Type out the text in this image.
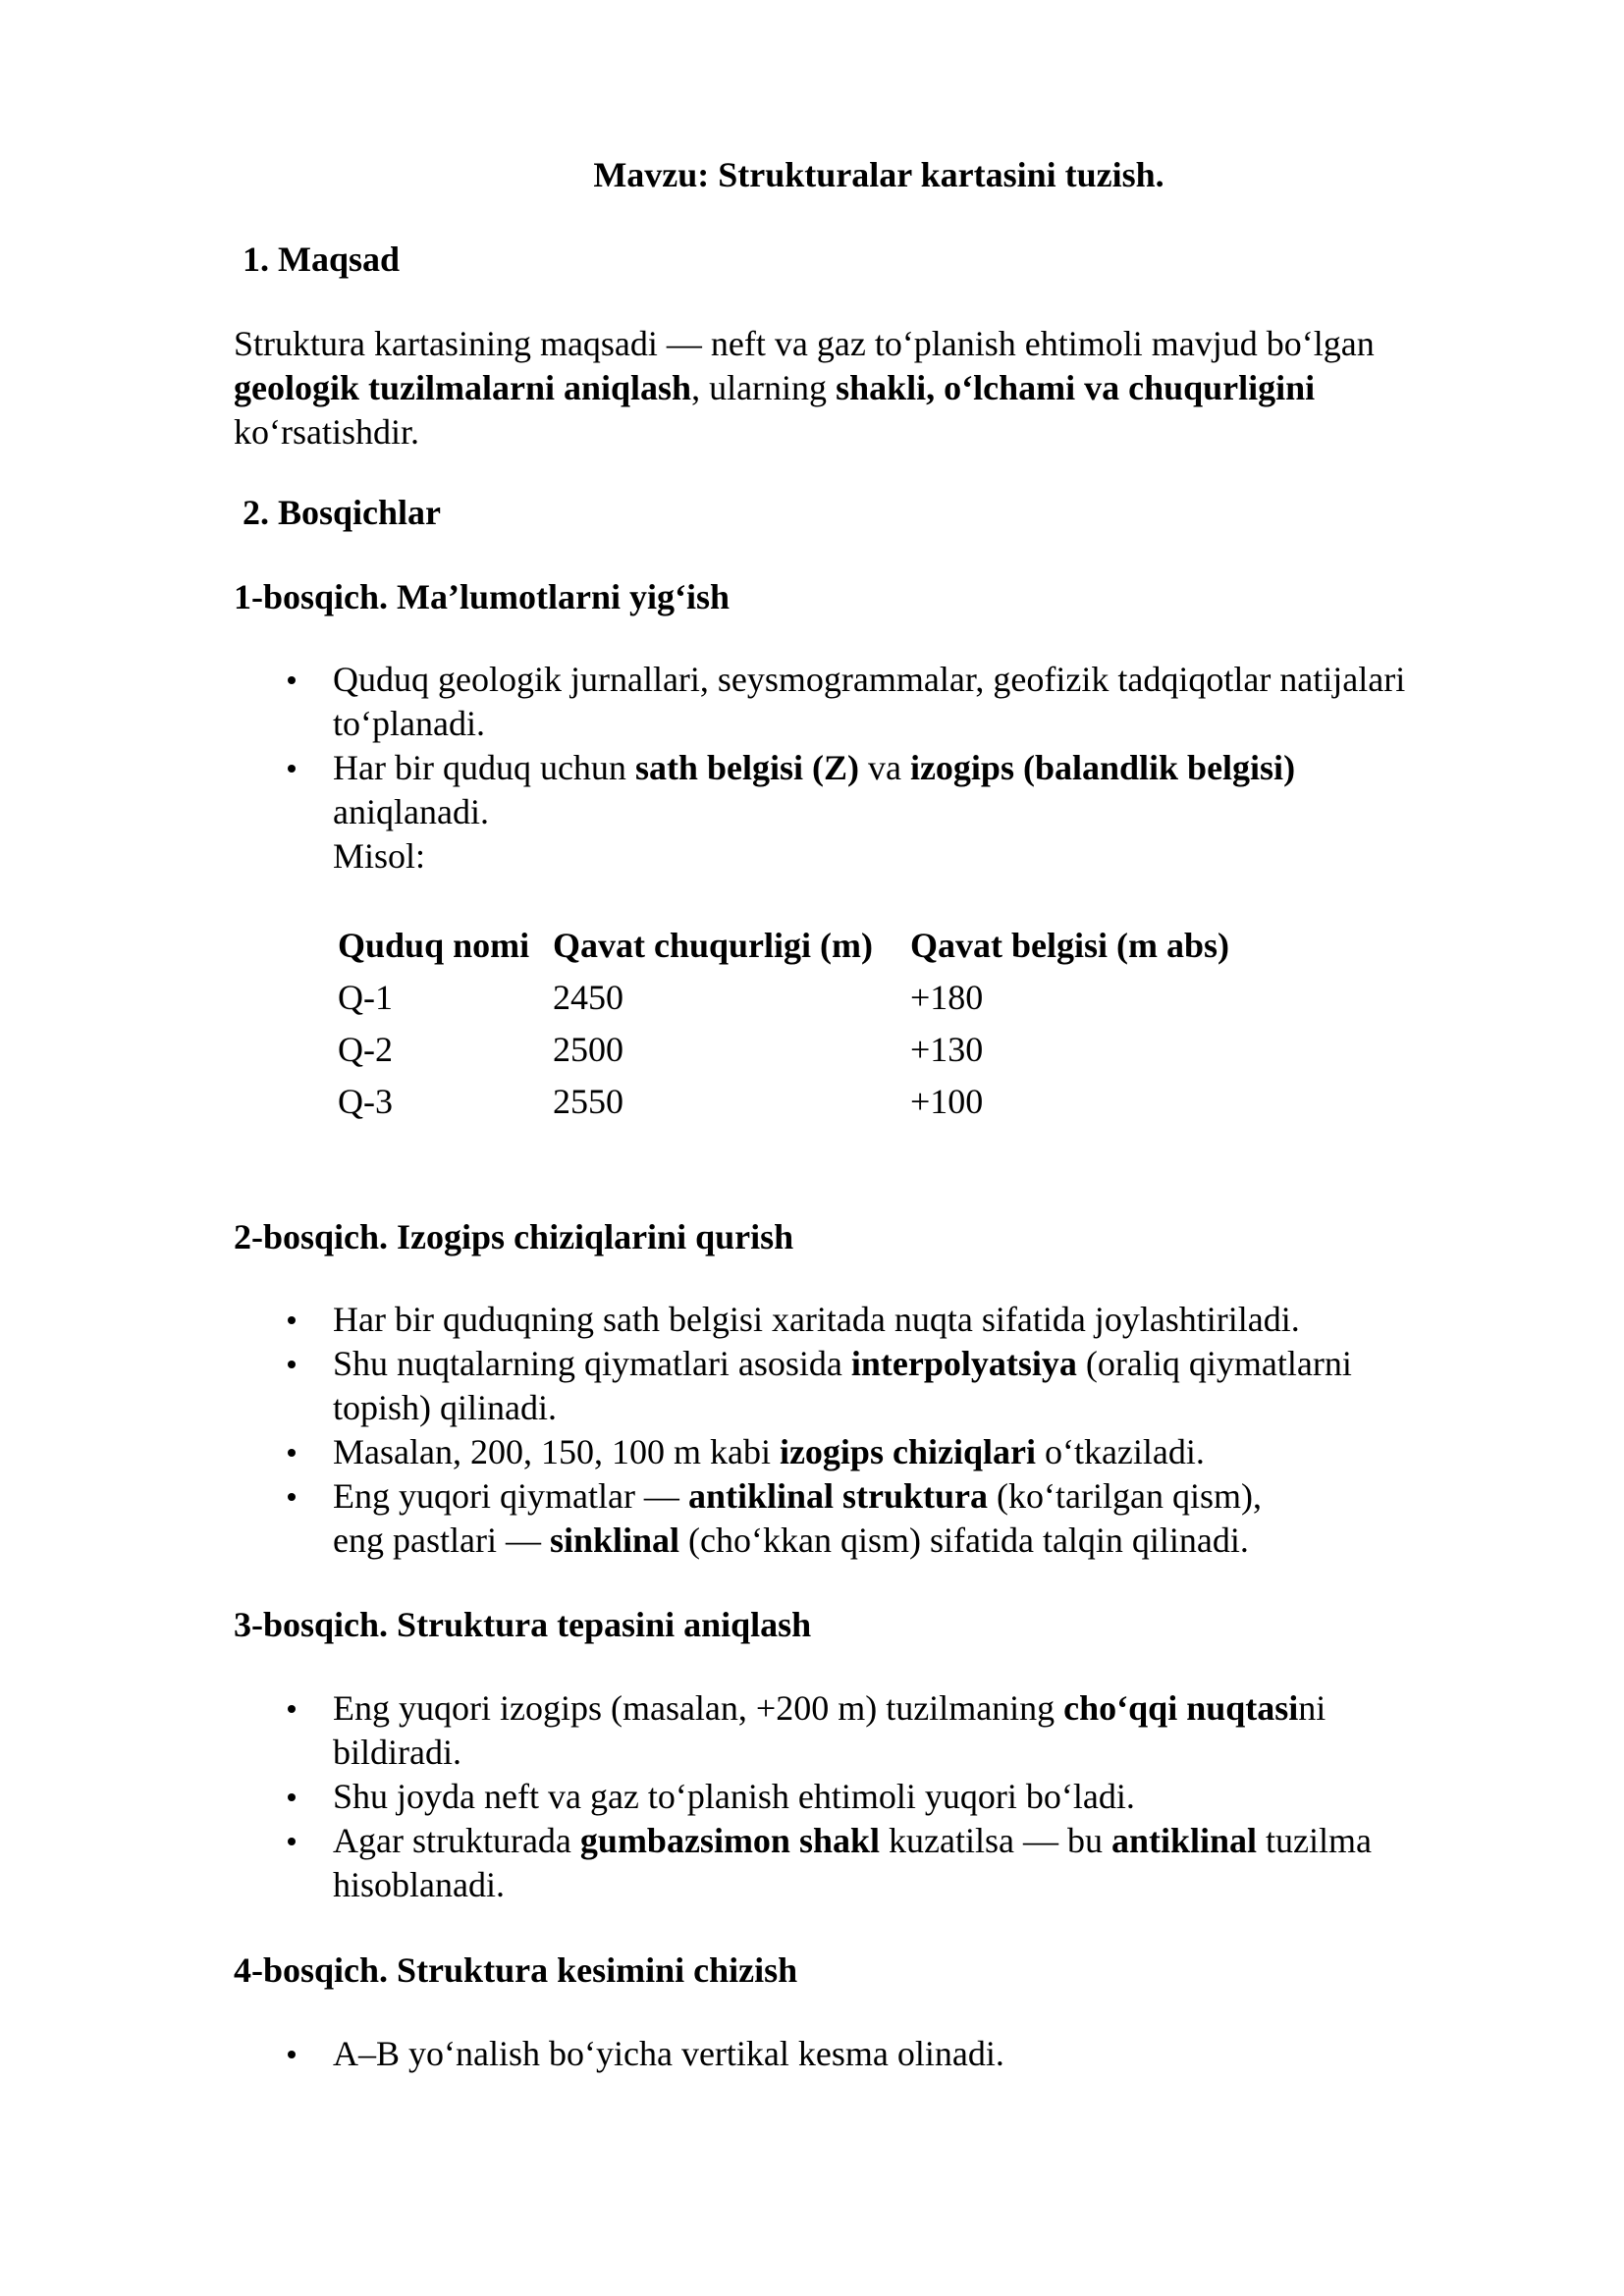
Mavzu: Strukturalar kartasini tuzish.
1. Maqsad
Struktura kartasining maqsadi — neft va gaz to‘planish ehtimoli mavjud bo‘lgan
geologik tuzilmalarni aniqlash, ularning shakli, o‘lchami va chuqurligini
ko‘rsatishdir.
2. Bosqichlar
1-bosqich. Ma’lumotlarni yig‘ish
Quduq geologik jurnallari, seysmogrammalar, geofizik tadqiqotlar natijalari
to‘planadi.
Har bir quduq uchun sath belgisi (Z) va izogips (balandlik belgisi)
aniqlanadi.
Misol:
Quduq nomi	Qavat chuqurligi (m)	Qavat belgisi (m abs)
Q-1	2450	+180
Q-2	2500	+130
Q-3	2550	+100
2-bosqich. Izogips chiziqlarini qurish
Har bir quduqning sath belgisi xaritada nuqta sifatida joylashtiriladi.
Shu nuqtalarning qiymatlari asosida interpolyatsiya (oraliq qiymatlarni
topish) qilinadi.
Masalan, 200, 150, 100 m kabi izogips chiziqlari o‘tkaziladi.
Eng yuqori qiymatlar — antiklinal struktura (ko‘tarilgan qism),
eng pastlari — sinklinal (cho‘kkan qism) sifatida talqin qilinadi.
3-bosqich. Struktura tepasini aniqlash
Eng yuqori izogips (masalan, +200 m) tuzilmaning cho‘qqi nuqtasini
bildiradi.
Shu joyda neft va gaz to‘planish ehtimoli yuqori bo‘ladi.
Agar strukturada gumbazsimon shakl kuzatilsa — bu antiklinal tuzilma
hisoblanadi.
4-bosqich. Struktura kesimini chizish
A–B yo‘nalish bo‘yicha vertikal kesma olinadi.
